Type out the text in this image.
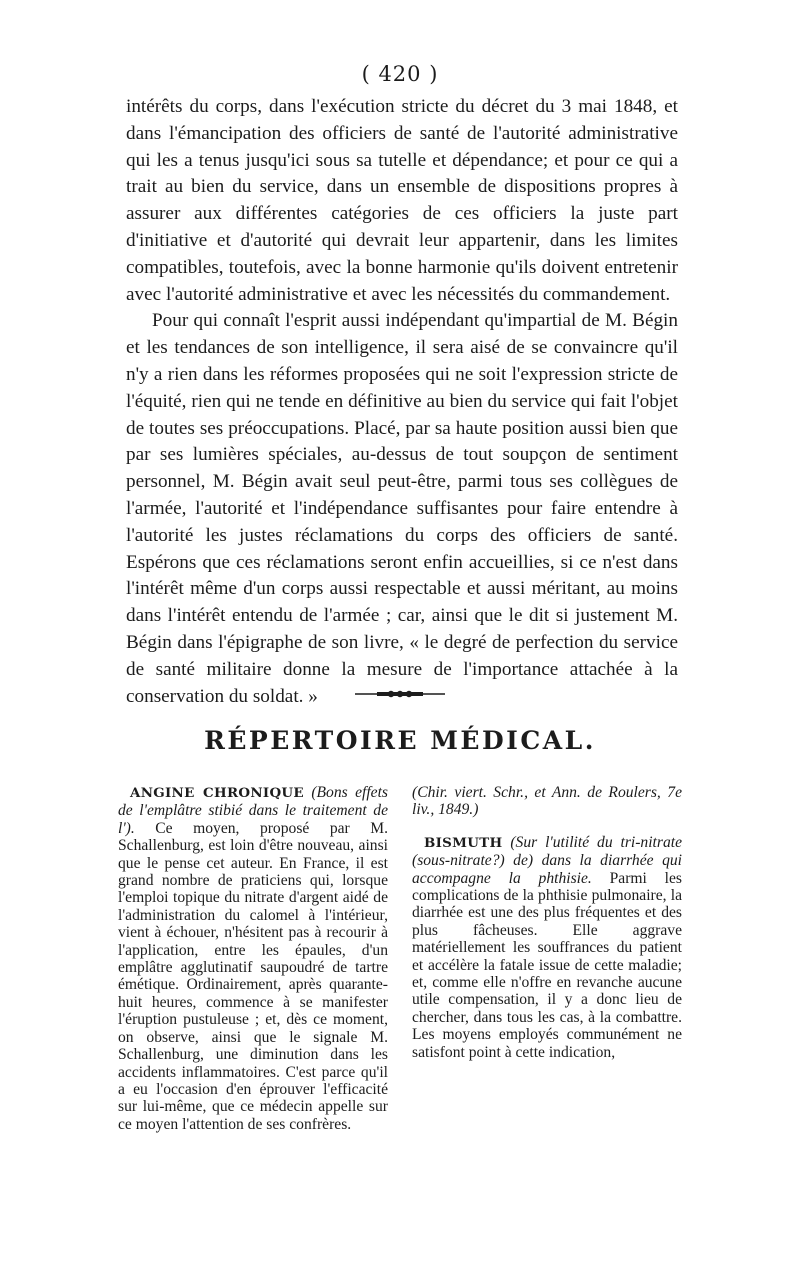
( 420 )

intérêts du corps, dans l'exécution stricte du décret du 3 mai 1848, et dans l'émancipation des officiers de santé de l'autorité administrative qui les a tenus jusqu'ici sous sa tutelle et dépendance; et pour ce qui a trait au bien du service, dans un ensemble de dispositions propres à assurer aux différentes catégories de ces officiers la juste part d'initiative et d'autorité qui devrait leur appartenir, dans les limites compatibles, toutefois, avec la bonne harmonie qu'ils doivent entretenir avec l'autorité administrative et avec les nécessités du commandement.

Pour qui connaît l'esprit aussi indépendant qu'impartial de M. Bégin et les tendances de son intelligence, il sera aisé de se convaincre qu'il n'y a rien dans les réformes proposées qui ne soit l'expression stricte de l'équité, rien qui ne tende en définitive au bien du service qui fait l'objet de toutes ses préoccupations. Placé, par sa haute position aussi bien que par ses lumières spéciales, au-dessus de tout soupçon de sentiment personnel, M. Bégin avait seul peut-être, parmi tous ses collègues de l'armée, l'autorité et l'indépendance suffisantes pour faire entendre à l'autorité les justes réclamations du corps des officiers de santé. Espérons que ces réclamations seront enfin accueillies, si ce n'est dans l'intérêt même d'un corps aussi respectable et aussi méritant, au moins dans l'intérêt entendu de l'armée ; car, ainsi que le dit si justement M. Bégin dans l'épigraphe de son livre, « le degré de perfection du service de santé militaire donne la mesure de l'importance attachée à la conservation du soldat. »

RÉPERTOIRE MÉDICAL.

ANGINE CHRONIQUE (Bons effets de l'emplâtre stibié dans le traitement de l'). Ce moyen, proposé par M. Schallenburg, est loin d'être nouveau, ainsi que le pense cet auteur. En France, il est grand nombre de praticiens qui, lorsque l'emploi topique du nitrate d'argent aidé de l'administration du calomel à l'intérieur, vient à échouer, n'hésitent pas à recourir à l'application, entre les épaules, d'un emplâtre agglutinatif saupoudré de tartre émétique. Ordinairement, après quarante-huit heures, commence à se manifester l'éruption pustuleuse ; et, dès ce moment, on observe, ainsi que le signale M. Schallenburg, une diminution dans les accidents inflammatoires. C'est parce qu'il a eu l'occasion d'en éprouver l'efficacité sur lui-même, que ce médecin appelle sur ce moyen l'attention de ses confrères.

(Chir. viert. Schr., et Ann. de Roulers, 7e liv., 1849.)

BISMUTH (Sur l'utilité du tri-nitrate (sous-nitrate?) de) dans la diarrhée qui accompagne la phthisie. Parmi les complications de la phthisie pulmonaire, la diarrhée est une des plus fréquentes et des plus fâcheuses. Elle aggrave matériellement les souffrances du patient et accélère la fatale issue de cette maladie; et, comme elle n'offre en revanche aucune utile compensation, il y a donc lieu de chercher, dans tous les cas, à la combattre. Les moyens employés communément ne satisfont point à cette indication,
